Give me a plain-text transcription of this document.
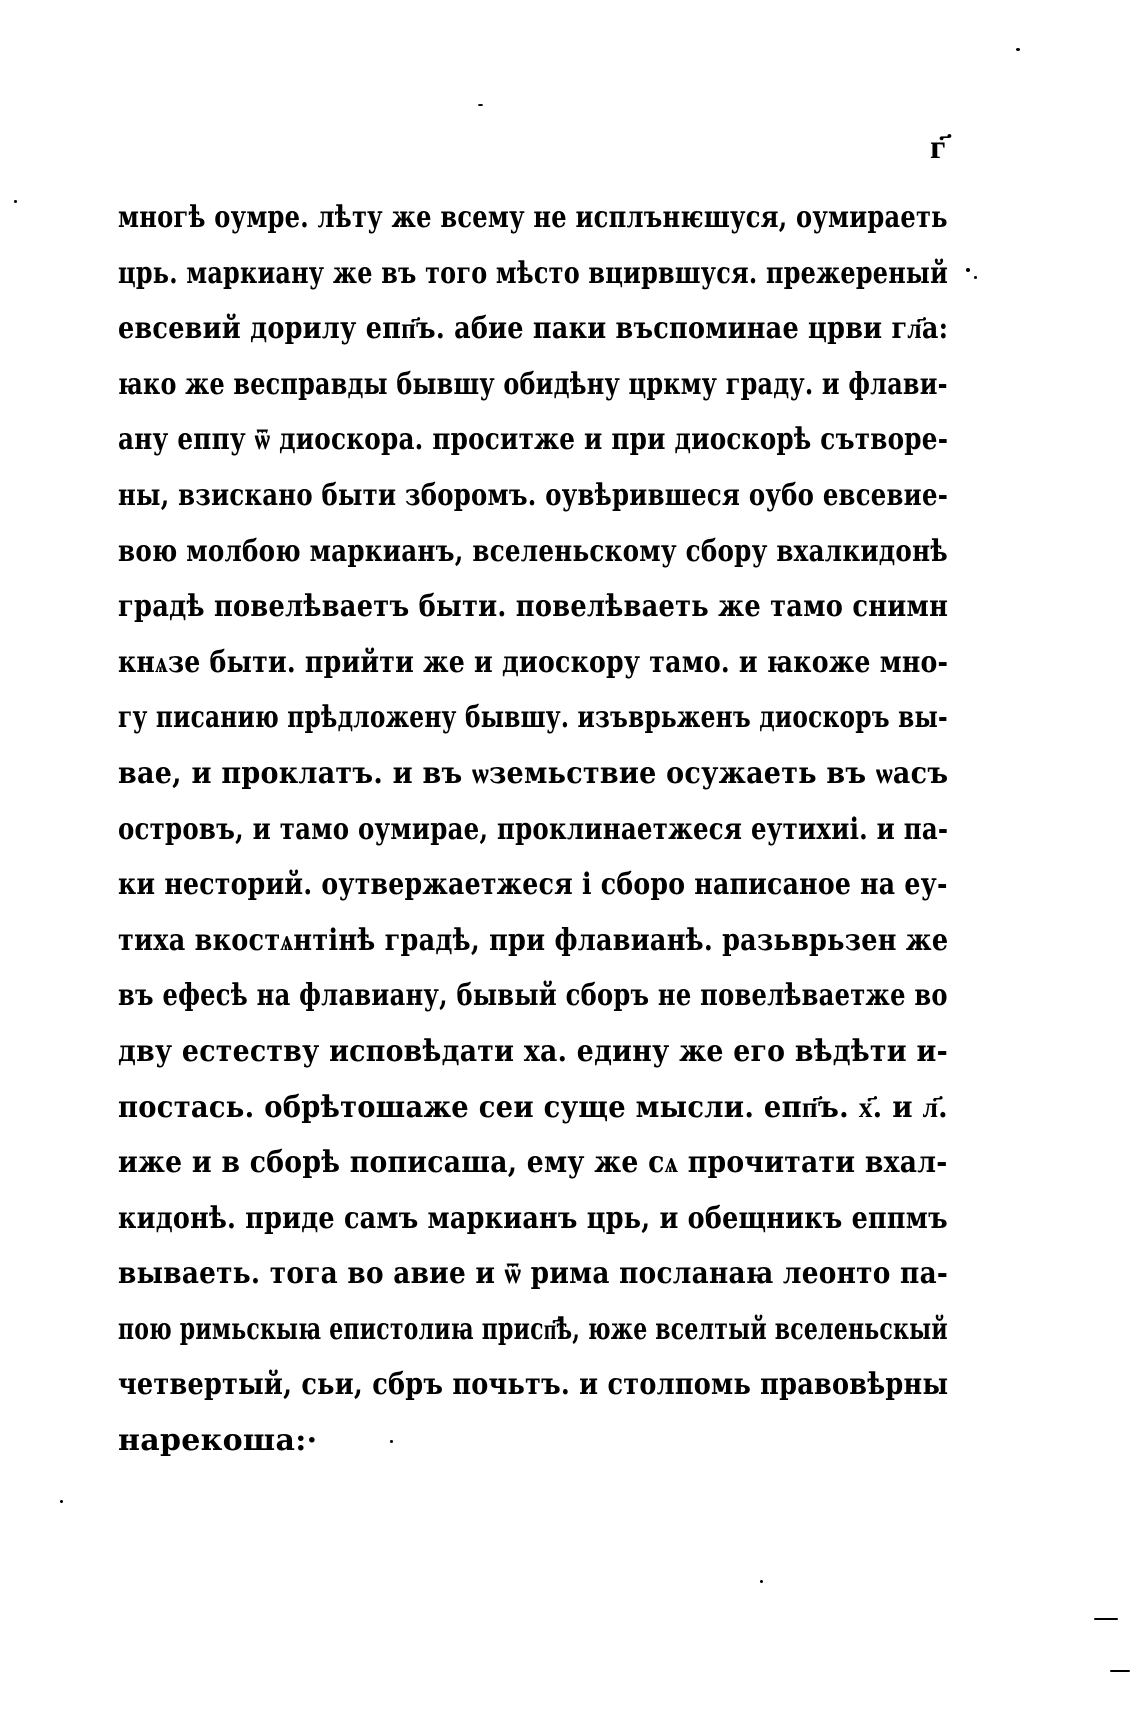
г҃
многѣ оумре. лѣту же всему не исплънѥшуся, оумираеть
црь. маркиану же въ того мѣсто вцирвшуся. прежереный
евсевий дорилу епп҃ъ. абие паки въспоминае црви гл҃а:
ꙗко же весправды бывшу обидѣну цркму граду. и флави-
ану еппу ѿ диоскора. проситже и при диоскорѣ сътворе-
ны, взискано быти зборомъ. оувѣрившеся оубо евсевие-
вою молбою маркианъ, вселеньскому сбору вхалкидонѣ
градѣ повелѣваетъ быти. повелѣваеть же тамо снимн
кнѧзе быти. прийти же и диоскору тамо. и ꙗкоже мно-
гу писанию прѣдложену бывшу. изъврьженъ диоскоръ вы-
вае, и проклатъ. и въ ѡземьствие осужаеть въ ѡасъ
островъ, и тамо оумирае, проклинаетжеся еутихиі. и па-
ки несторий. оутвержаетжеся і сборо написаное на еу-
тиха вкостѧнтінѣ градѣ, при флавианѣ. разьврьзен же
въ ефесѣ на флавиану, бывый сборъ не повелѣваетже во
дву естеству исповѣдати ха. едину же его вѣдѣти и-
постась. обрѣтошаже сеи суще мысли. епп҃ъ. х҃. и л҃.
иже и в сборѣ пописаша, ему же сѧ прочитати вхал-
кидонѣ. приде самъ маркианъ црь, и обещникъ еппмъ
вываеть. тога во авие и ѿ рима посланаꙗ леонто па-
пою римьскыꙗ епистолиꙗ присп҃ѣ, юже вселтый вселеньскый
четвертый, сьи, сбръ почьтъ. и столпомь правовѣрны
нарекоша:·
